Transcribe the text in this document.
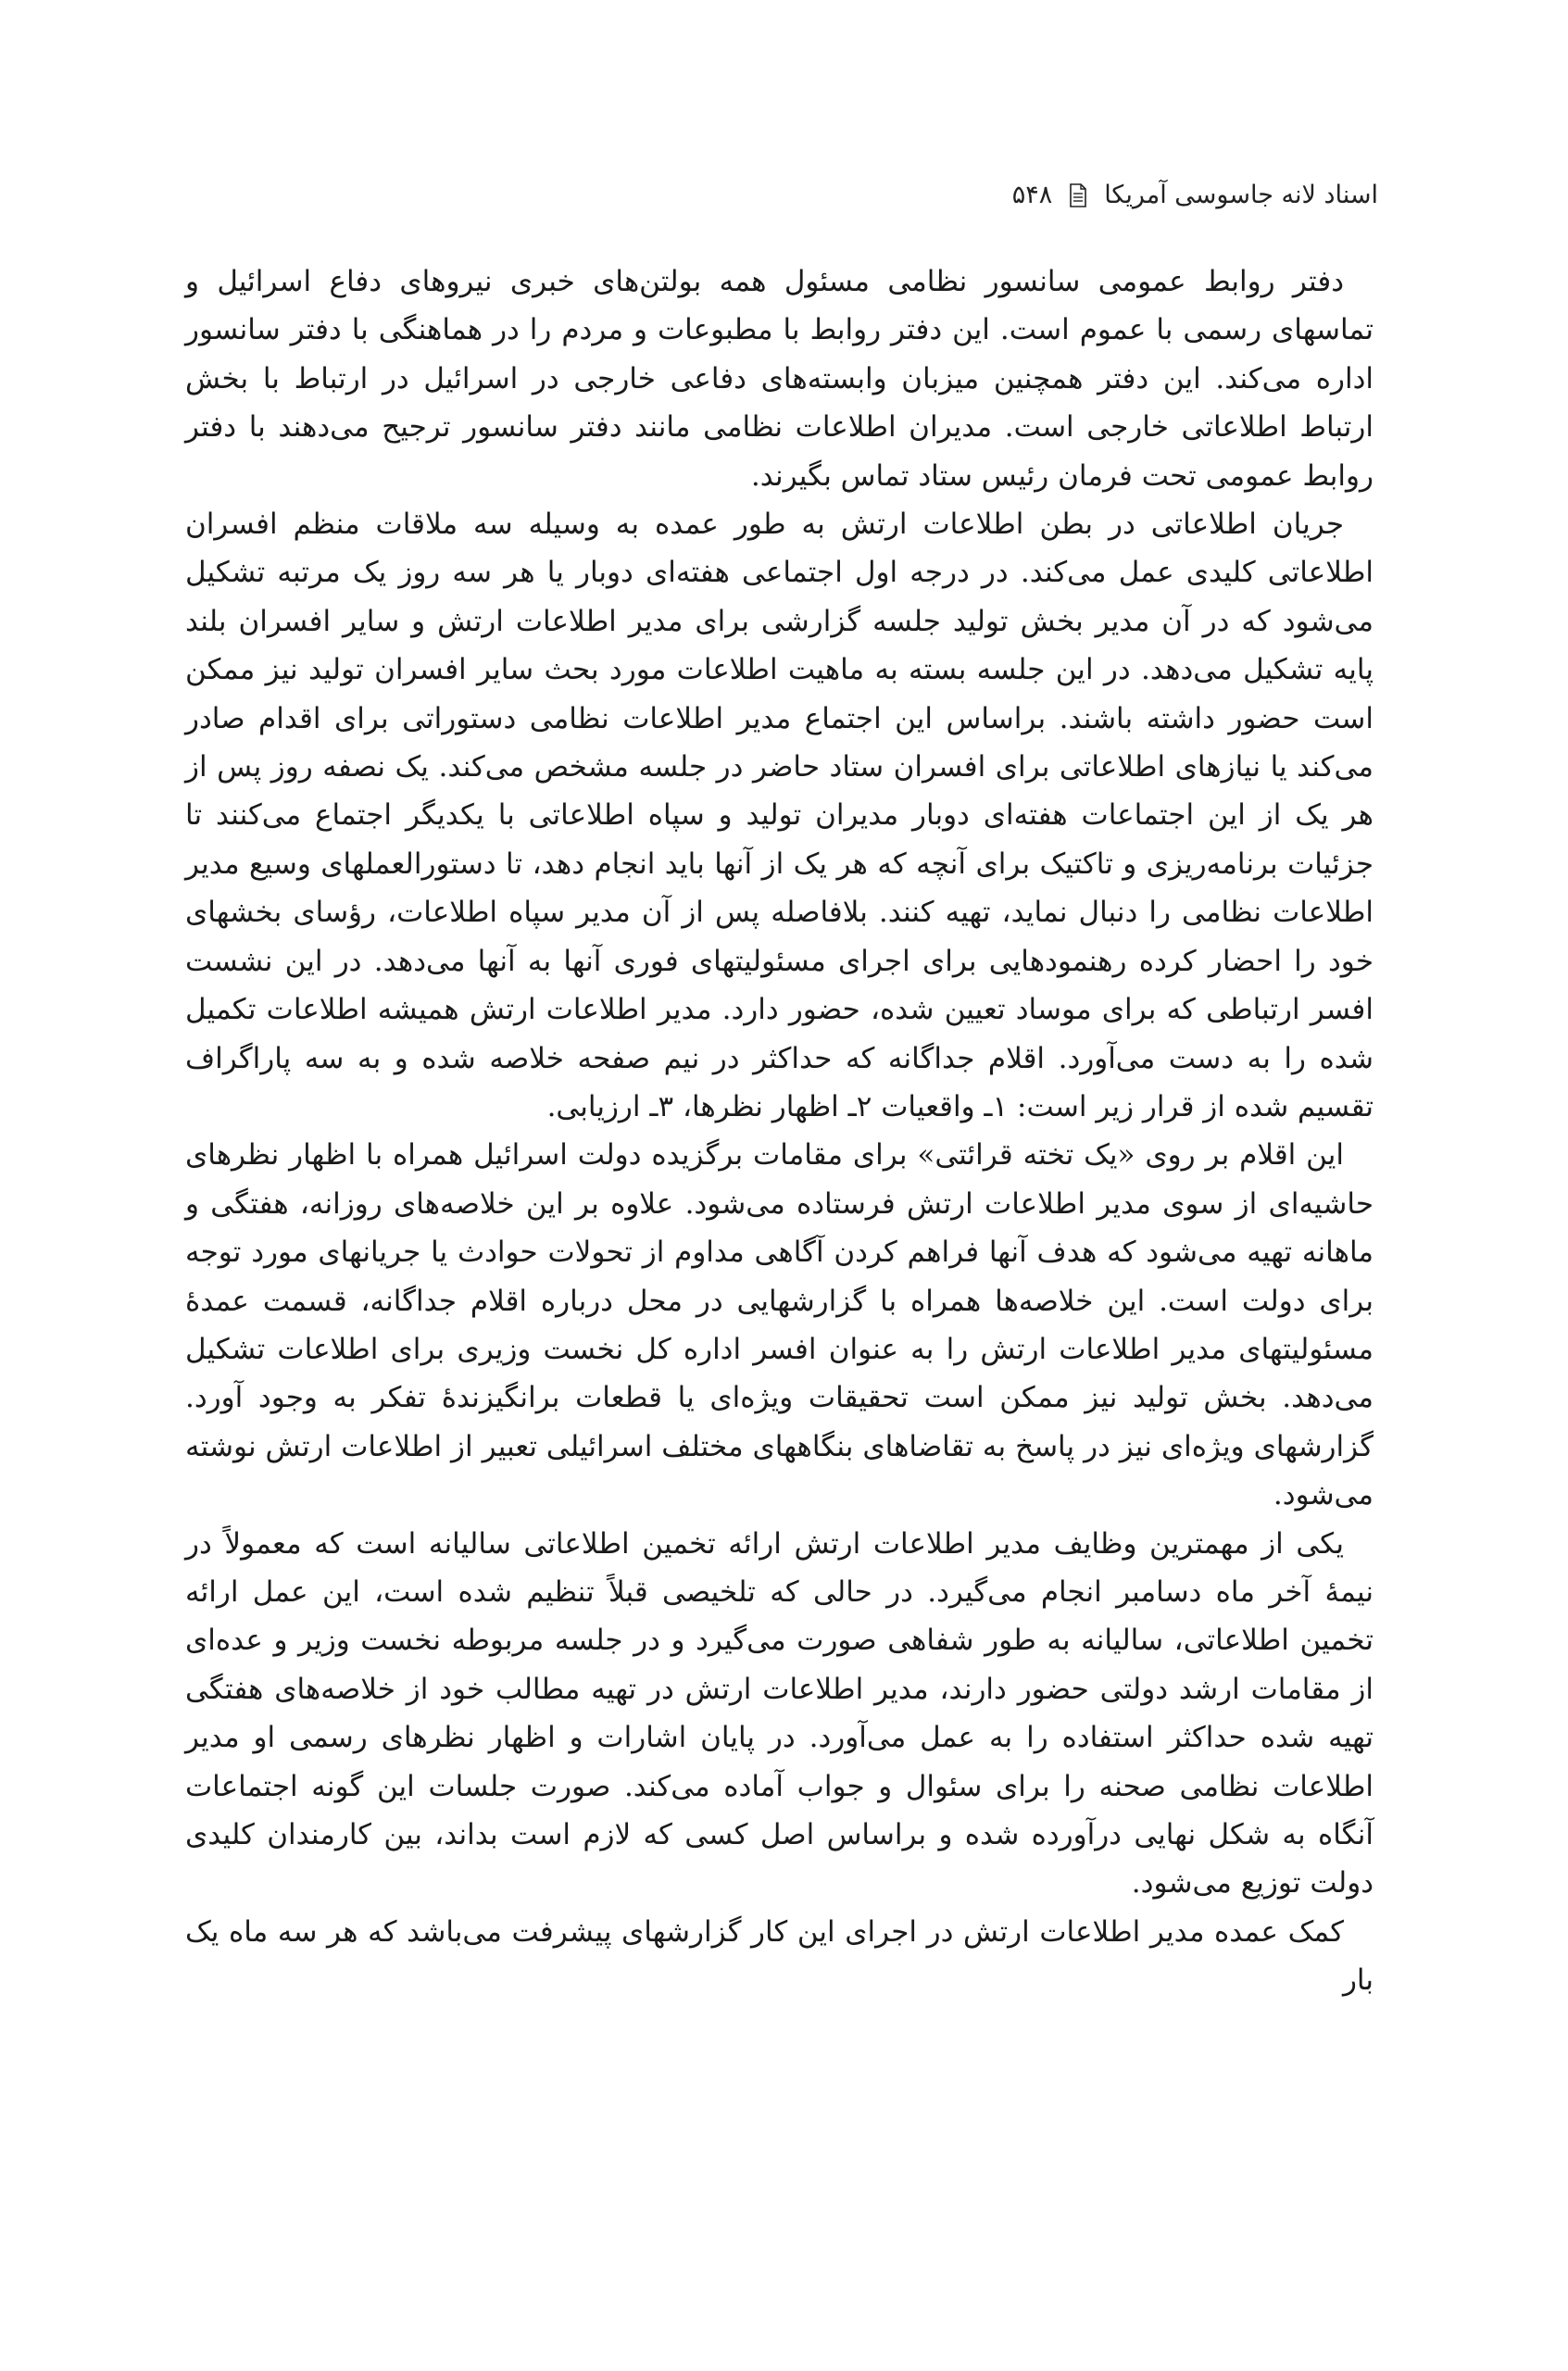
اسناد لانه جاسوسی آمریکا
۵۴۸

دفتر روابط عمومی سانسور نظامی مسئول همه بولتن‌های خبری نیروهای دفاع اسرائیل و تماسهای رسمی با عموم است. این دفتر روابط با مطبوعات و مردم را در هماهنگی با دفتر سانسور اداره می‌کند. این دفتر همچنین میزبان وابسته‌های دفاعی خارجی در اسرائیل در ارتباط با بخش ارتباط اطلاعاتی خارجی است. مدیران اطلاعات نظامی مانند دفتر سانسور ترجیح می‌دهند با دفتر روابط عمومی تحت فرمان رئیس ستاد تماس بگیرند.

جریان اطلاعاتی در بطن اطلاعات ارتش به طور عمده به وسیله سه ملاقات منظم افسران اطلاعاتی کلیدی عمل می‌کند. در درجه اول اجتماعی هفته‌ای دوبار یا هر سه روز یک مرتبه تشکیل می‌شود که در آن مدیر بخش تولید جلسه گزارشی برای مدیر اطلاعات ارتش و سایر افسران بلند پایه تشکیل می‌دهد. در این جلسه بسته به ماهیت اطلاعات مورد بحث سایر افسران تولید نیز ممکن است حضور داشته باشند. براساس این اجتماع مدیر اطلاعات نظامی دستوراتی برای اقدام صادر می‌کند یا نیازهای اطلاعاتی برای افسران ستاد حاضر در جلسه مشخص می‌کند. یک نصفه روز پس از هر یک از این اجتماعات هفته‌ای دوبار مدیران تولید و سپاه اطلاعاتی با یکدیگر اجتماع می‌کنند تا جزئیات برنامه‌ریزی و تاکتیک برای آنچه که هر یک از آنها باید انجام دهد، تا دستورالعملهای وسیع مدیر اطلاعات نظامی را دنبال نماید، تهیه کنند. بلافاصله پس از آن مدیر سپاه اطلاعات، رؤسای بخشهای خود را احضار کرده رهنمودهایی برای اجرای مسئولیتهای فوری آنها به آنها می‌دهد. در این نشست افسر ارتباطی که برای موساد تعیین شده، حضور دارد. مدیر اطلاعات ارتش همیشه اطلاعات تکمیل شده را به دست می‌آورد. اقلام جداگانه که حداکثر در نیم صفحه خلاصه شده و به سه پاراگراف تقسیم شده از قرار زیر است: ۱ـ واقعیات ۲ـ اظهار نظرها، ۳ـ ارزیابی.

این اقلام بر روی «یک تخته قرائتی» برای مقامات برگزیده دولت اسرائیل همراه با اظهار نظرهای حاشیه‌ای از سوی مدیر اطلاعات ارتش فرستاده می‌شود. علاوه بر این خلاصه‌های روزانه، هفتگی و ماهانه تهیه می‌شود که هدف آنها فراهم کردن آگاهی مداوم از تحولات حوادث یا جریانهای مورد توجه برای دولت است. این خلاصه‌ها همراه با گزارشهایی در محل درباره اقلام جداگانه، قسمت عمدهٔ مسئولیتهای مدیر اطلاعات ارتش را به عنوان افسر اداره کل نخست وزیری برای اطلاعات تشکیل می‌دهد. بخش تولید نیز ممکن است تحقیقات ویژه‌ای یا قطعات برانگیزندهٔ تفکر به وجود آورد. گزارشهای ویژه‌ای نیز در پاسخ به تقاضاهای بنگاههای مختلف اسرائیلی تعبیر از اطلاعات ارتش نوشته می‌شود.

یکی از مهمترین وظایف مدیر اطلاعات ارتش ارائه تخمین اطلاعاتی سالیانه است که معمولاً در نیمهٔ آخر ماه دسامبر انجام می‌گیرد. در حالی که تلخیصی قبلاً تنظیم شده است، این عمل ارائه تخمین اطلاعاتی، سالیانه به طور شفاهی صورت می‌گیرد و در جلسه مربوطه نخست وزیر و عده‌ای از مقامات ارشد دولتی حضور دارند، مدیر اطلاعات ارتش در تهیه مطالب خود از خلاصه‌های هفتگی تهیه شده حداکثر استفاده را به عمل می‌آورد. در پایان اشارات و اظهار نظرهای رسمی او مدیر اطلاعات نظامی صحنه را برای سئوال و جواب آماده می‌کند. صورت جلسات این گونه اجتماعات آنگاه به شکل نهایی درآورده شده و براساس اصل کسی که لازم است بداند، بین کارمندان کلیدی دولت توزیع می‌شود.

کمک عمده مدیر اطلاعات ارتش در اجرای این کار گزارشهای پیشرفت می‌باشد که هر سه ماه یک بار
